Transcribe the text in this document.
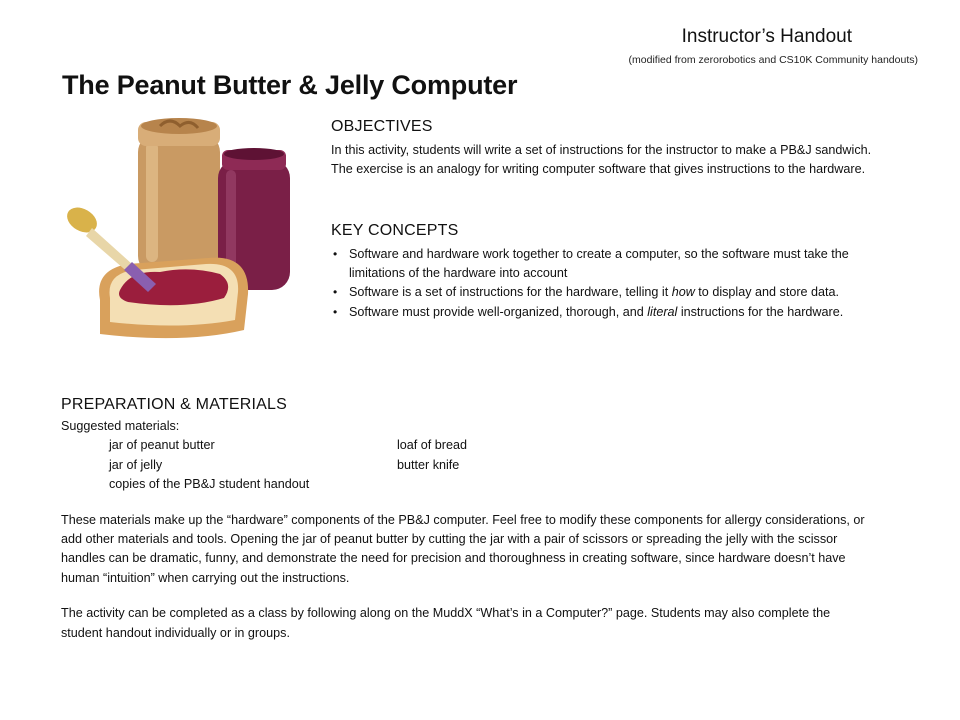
Instructor’s Handout
(modified from zerorobotics and CS10K Community handouts)
The Peanut Butter & Jelly Computer
OBJECTIVES

In this activity, students will write a set of instructions for the instructor to make a PB&J sandwich. The exercise is an analogy for writing computer software that gives instructions to the hardware.

KEY CONCEPTS
• Software and hardware work together to create a computer, so the software must take the limitations of the hardware into account
• Software is a set of instructions for the hardware, telling it how to display and store data.
• Software must provide well-organized, thorough, and literal instructions for the hardware.
PREPARATION & MATERIALS
Suggested materials:
jar of peanut butter	loaf of bread
jar of jelly	butter knife
copies of the PB&J student handout

These materials make up the “hardware” components of the PB&J computer. Feel free to modify these components for allergy considerations, or add other materials and tools. Opening the jar of peanut butter by cutting the jar with a pair of scissors or spreading the jelly with the scissor handles can be dramatic, funny, and demonstrate the need for precision and thoroughness in creating software, since hardware doesn’t have human “intuition” when carrying out the instructions.

The activity can be completed as a class by following along on the MuddX “What’s in a Computer?” page. Students may also complete the student handout individually or in groups.
